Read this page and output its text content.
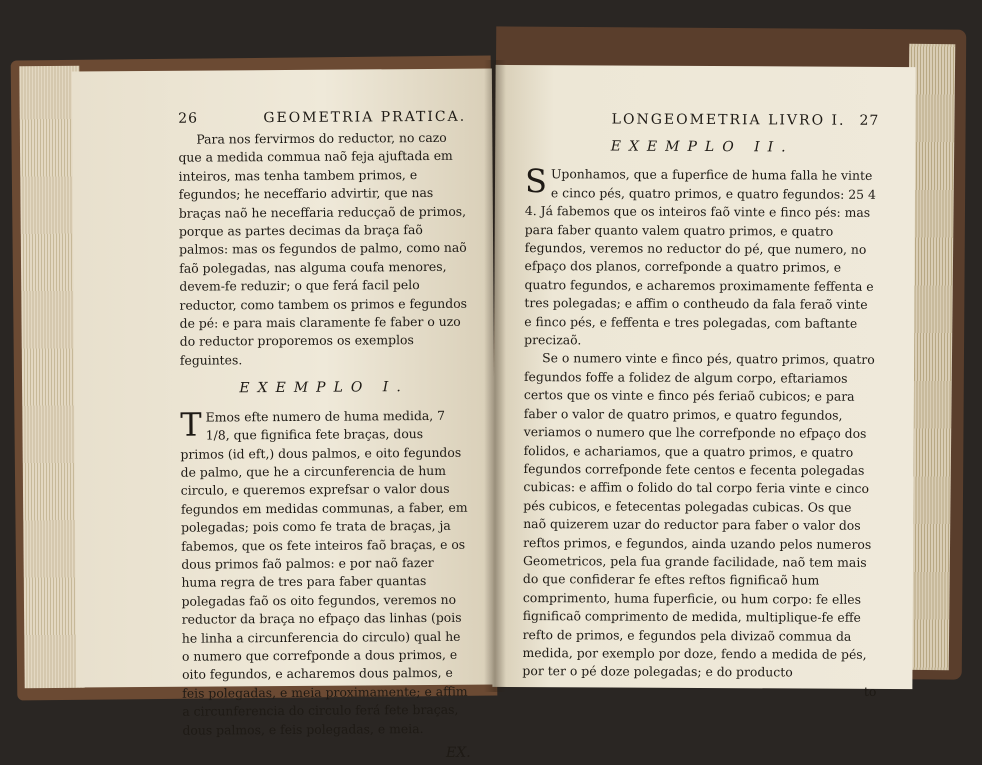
26	GEOMETRIA PRATICA.

Para nos fervirmos do reductor, no cazo que a medida commua naõ feja ajuftada em inteiros, mas tenha tambem primos, e fegundos; he neceffario advirtir, que nas braças naõ he neceffaria reducçaõ de primos, porque as partes decimas da braça faõ palmos: mas os fegundos de palmo, como naõ faõ polegadas, nas alguma coufa menores, devem-fe reduzir; o que ferá facil pelo reductor, como tambem os primos e fegundos de pé: e para mais claramente fe faber o uzo do reductor proporemos os exemplos feguintes.

EXEMPLO I.

T Emos efte numero de huma medida, 7 1/8, que fignifica fete braças, dous primos (id eft,) dous palmos, e oito fegundos de palmo, que he a circunferencia de hum circulo, e queremos exprefsar o valor dous fegundos em medidas communas, a faber, em polegadas; pois como fe trata de braças, ja fabemos, que os fete inteiros faõ braças, e os dous primos faõ palmos: e por naõ fazer huma regra de tres para faber quantas polegadas faõ os oito fegundos, veremos no reductor da braça no efpaço das linhas (pois he linha a circunferencia do circulo) qual he o numero que correfponde a dous primos, e oito fegundos, e acharemos dous palmos, e feis polegadas, e meia proximamente; e affim a circunferencia do circulo ferá fete braças, dous palmos, e feis polegadas, e meia.

EX.
LONGEOMETRIA LIVRO I. 27
EXEMPLO II.

S Uponhamos, que a fuperfice de huma falla he vinte e cinco pés, quatro primos, e quatro fegundos: 25 4 4. Já fabemos que os inteiros faõ vinte e finco pés: mas para faber quanto valem quatro primos, e quatro fegundos, veremos no reductor do pé, que numero, no efpaço dos planos, correfponde a quatro primos, e quatro fegundos, e acharemos proximamente feffenta e tres polegadas; e affim o contheudo da fala feraõ vinte e finco pés, e feffenta e tres polegadas, com baftante precizaõ.

Se o numero vinte e finco pés, quatro primos, quatro fegundos foffe a folidez de algum corpo, eftariamos certos que os vinte e finco pés feriaõ cubicos; e para faber o valor de quatro primos, e quatro fegundos, veriamos o numero que lhe correfponde no efpaço dos folidos, e achariamos, que a quatro primos, e quatro fegundos correfponde fete centos e fecenta polegadas cubicas: e affim o folido do tal corpo feria vinte e cinco pés cubicos, e fetecentas polegadas cubicas. Os que naõ quizerem uzar do reductor para faber o valor dos reftos primos, e fegundos, ainda uzando pelos numeros Geometricos, pela fua grande facilidade, naõ tem mais do que confiderar fe eftes reftos fignificaõ hum comprimento, huma fuperficie, ou hum corpo: fe elles fignificaõ comprimento de medida, multiplique-fe effe refto de primos, e fegundos pela divizaõ commua da medida, por exemplo por doze, fendo a medida de pés, por ter o pé doze polegadas; e do producto

to
